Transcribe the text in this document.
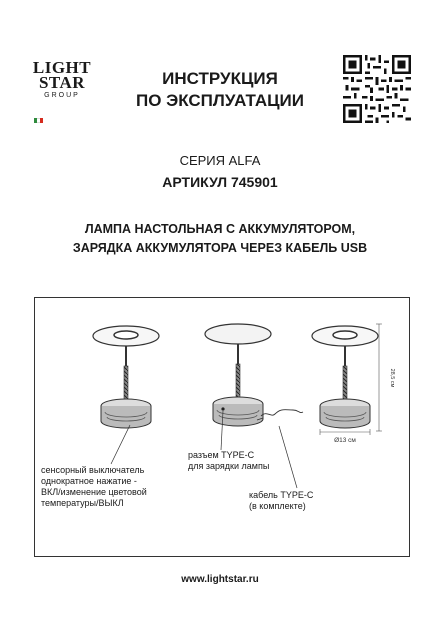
LIGHT
STAR
GROUP
ИНСТРУКЦИЯ
ПО ЭКСПЛУАТАЦИИ
СЕРИЯ ALFA
АРТИКУЛ 745901
ЛАМПА НАСТОЛЬНАЯ С АККУМУЛЯТОРОМ,
ЗАРЯДКА АККУМУЛЯТОРА ЧЕРЕЗ КАБЕЛЬ USB
28,5 см
Ø13 см
разъем TYPE-C
для зарядки лампы
сенсорный выключатель
однократное нажатие -
ВКЛ/изменение цветовой
температуры/ВЫКЛ
кабель TYPE-C
(в комплекте)
www.lightstar.ru
